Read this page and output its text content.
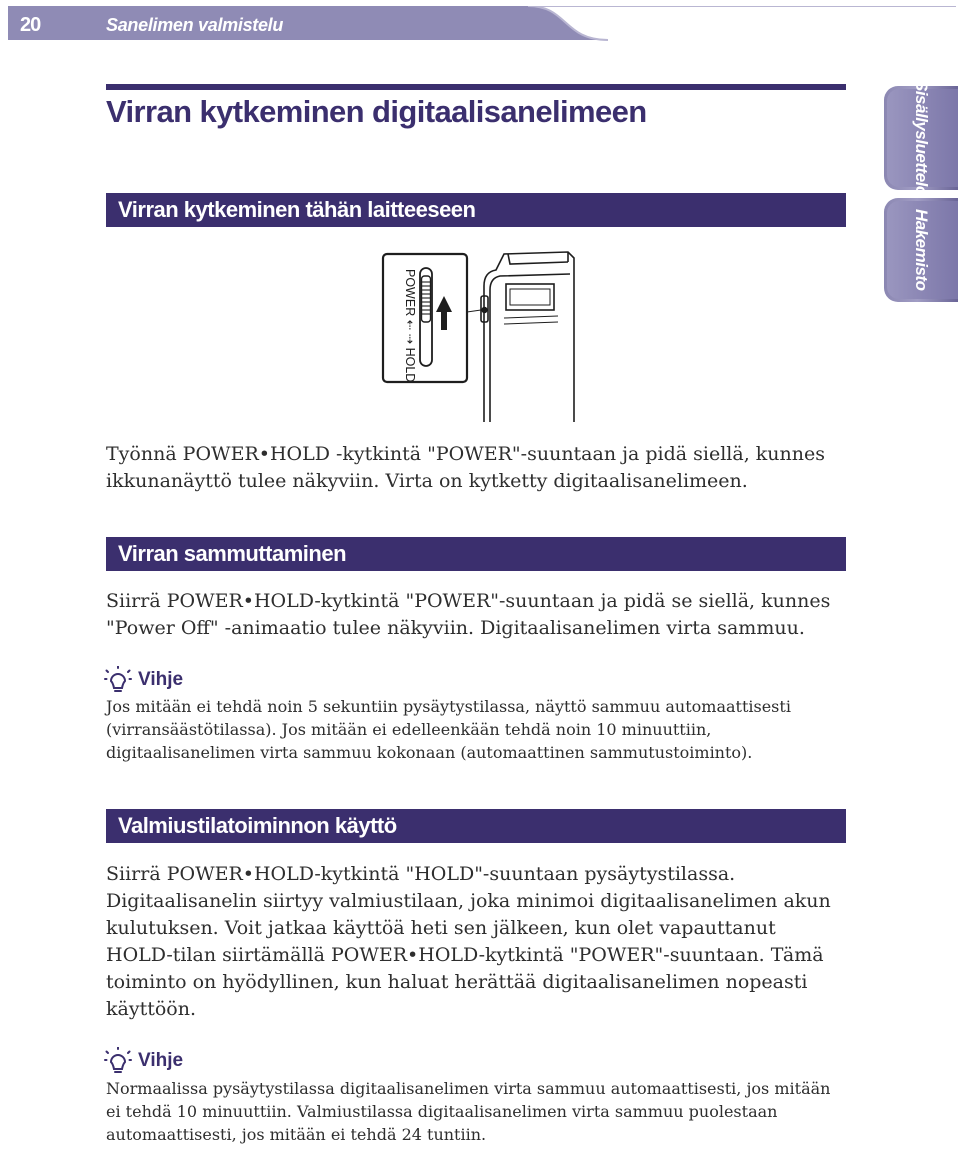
20	Sanelimen valmistelu
Sisällysluettelo
Hakemisto
Virran kytkeminen digitaalisanelimeen
Virran kytkeminen tähän laitteeseen
POWER ⇠ ⇢ HOLD

Työnnä POWER•HOLD -kytkintä "POWER"-suuntaan ja pidä siellä, kunnes ikkunanäyttö tulee näkyviin. Virta on kytketty digitaalisanelimeen.

Virran sammuttaminen

Siirrä POWER•HOLD-kytkintä "POWER"-suuntaan ja pidä se siellä, kunnes "Power Off" -animaatio tulee näkyviin. Digitaalisanelimen virta sammuu.

Vihje

Jos mitään ei tehdä noin 5 sekuntiin pysäytystilassa, näyttö sammuu automaattisesti (virransäästötilassa). Jos mitään ei edelleenkään tehdä noin 10 minuuttiin, digitaalisanelimen virta sammuu kokonaan (automaattinen sammutustoiminto).

Valmiustilatoiminnon käyttö

Siirrä POWER•HOLD-kytkintä "HOLD"-suuntaan pysäytystilassa. Digitaalisanelin siirtyy valmiustilaan, joka minimoi digitaalisanelimen akun kulutuksen. Voit jatkaa käyttöä heti sen jälkeen, kun olet vapauttanut HOLD-tilan siirtämällä POWER•HOLD-kytkintä "POWER"-suuntaan. Tämä toiminto on hyödyllinen, kun haluat herättää digitaalisanelimen nopeasti käyttöön.

Vihje

Normaalissa pysäytystilassa digitaalisanelimen virta sammuu automaattisesti, jos mitään ei tehdä 10 minuuttiin. Valmiustilassa digitaalisanelimen virta sammuu puolestaan automaattisesti, jos mitään ei tehdä 24 tuntiin.
